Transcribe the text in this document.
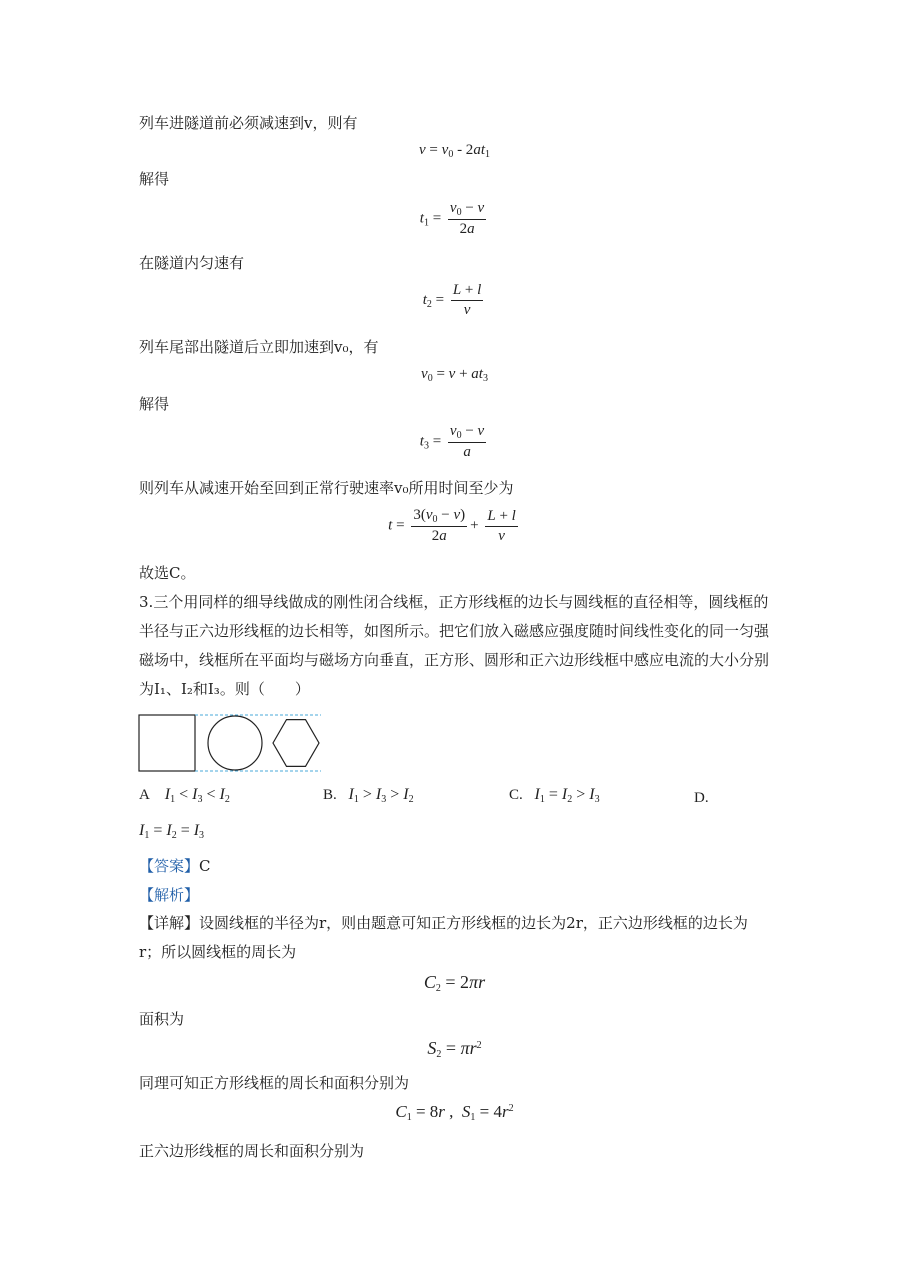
列车进隧道前必须减速到v，则有
$v = v_0 - 2at_1$
解得
$t_1 = \frac{v_0 - v}{2a}$
在隧道内匀速有
$t_2 = \frac{L + l}{v}$
列车尾部出隧道后立即加速到v₀，有
$v_0 = v + at_3$
解得
$t_3 = \frac{v_0 - v}{a}$
则列车从减速开始至回到正常行驶速率v₀所用时间至少为
$t = \frac{3(v_0 - v)}{2a} + \frac{L + l}{v}$
故选C。
3.三个用同样的细导线做成的刚性闭合线框，正方形线框的边长与圆线框的直径相等，圆线框的半径与正六边形线框的边长相等，如图所示。把它们放入磁感应强度随时间线性变化的同一匀强磁场中，线框所在平面均与磁场方向垂直，正方形、圆形和正六边形线框中感应电流的大小分别为I₁、I₂和I₃。则（　　）
A $I_1 < I_3 < I_2$	B. $I_1 > I_3 > I_2$	C. $I_1 = I_2 > I_3$	D.
$I_1 = I_2 = I_3$
【答案】C
【解析】
【详解】设圆线框的半径为r，则由题意可知正方形线框的边长为2r，正六边形线框的边长为r；所以圆线框的周长为
$C_2 = 2\pi r$
面积为
$S_2 = \pi r^2$
同理可知正方形线框的周长和面积分别为
$C_1 = 8r$ ,  $S_1 = 4r^2$
正六边形线框的周长和面积分别为
